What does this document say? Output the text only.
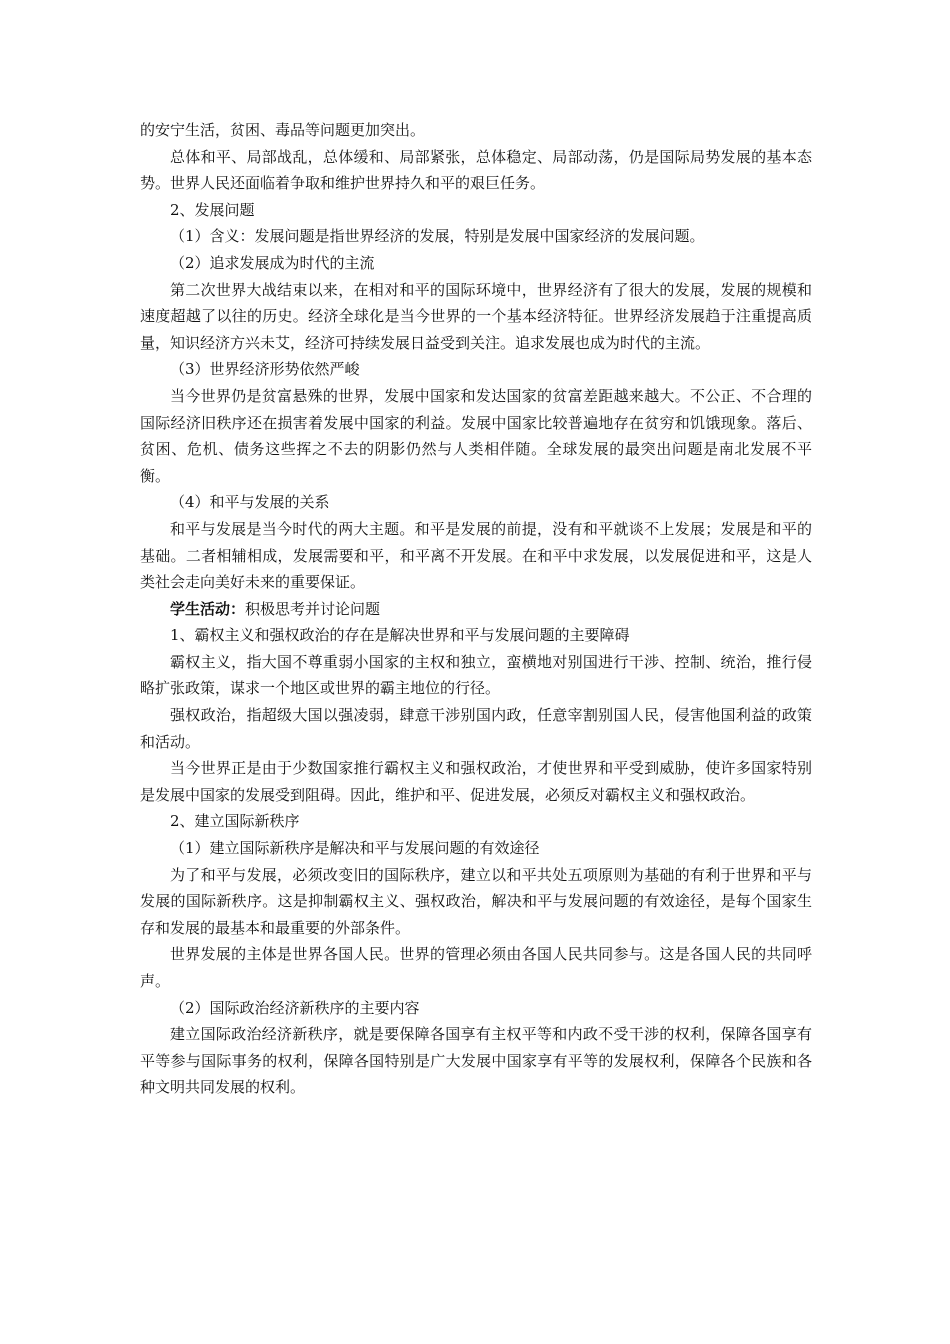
的安宁生活，贫困、毒品等问题更加突出。

总体和平、局部战乱，总体缓和、局部紧张，总体稳定、局部动荡，仍是国际局势发展的基本态势。世界人民还面临着争取和维护世界持久和平的艰巨任务。

2、发展问题

（1）含义：发展问题是指世界经济的发展，特别是发展中国家经济的发展问题。

（2）追求发展成为时代的主流

第二次世界大战结束以来，在相对和平的国际环境中，世界经济有了很大的发展，发展的规模和速度超越了以往的历史。经济全球化是当今世界的一个基本经济特征。世界经济发展趋于注重提高质量，知识经济方兴未艾，经济可持续发展日益受到关注。追求发展也成为时代的主流。

（3）世界经济形势依然严峻

当今世界仍是贫富悬殊的世界，发展中国家和发达国家的贫富差距越来越大。不公正、不合理的国际经济旧秩序还在损害着发展中国家的利益。发展中国家比较普遍地存在贫穷和饥饿现象。落后、贫困、危机、债务这些挥之不去的阴影仍然与人类相伴随。全球发展的最突出问题是南北发展不平衡。

（4）和平与发展的关系

和平与发展是当今时代的两大主题。和平是发展的前提，没有和平就谈不上发展；发展是和平的基础。二者相辅相成，发展需要和平，和平离不开发展。在和平中求发展，以发展促进和平，这是人类社会走向美好未来的重要保证。

学生活动：积极思考并讨论问题

1、霸权主义和强权政治的存在是解决世界和平与发展问题的主要障碍

霸权主义，指大国不尊重弱小国家的主权和独立，蛮横地对别国进行干涉、控制、统治，推行侵略扩张政策，谋求一个地区或世界的霸主地位的行径。

强权政治，指超级大国以强凌弱，肆意干涉别国内政，任意宰割别国人民，侵害他国利益的政策和活动。

当今世界正是由于少数国家推行霸权主义和强权政治，才使世界和平受到威胁，使许多国家特别是发展中国家的发展受到阻碍。因此，维护和平、促进发展，必须反对霸权主义和强权政治。

2、建立国际新秩序

（1）建立国际新秩序是解决和平与发展问题的有效途径

为了和平与发展，必须改变旧的国际秩序，建立以和平共处五项原则为基础的有利于世界和平与发展的国际新秩序。这是抑制霸权主义、强权政治，解决和平与发展问题的有效途径，是每个国家生存和发展的最基本和最重要的外部条件。

世界发展的主体是世界各国人民。世界的管理必须由各国人民共同参与。这是各国人民的共同呼声。

（2）国际政治经济新秩序的主要内容

建立国际政治经济新秩序，就是要保障各国享有主权平等和内政不受干涉的权利，保障各国享有平等参与国际事务的权利，保障各国特别是广大发展中国家享有平等的发展权利，保障各个民族和各种文明共同发展的权利。
